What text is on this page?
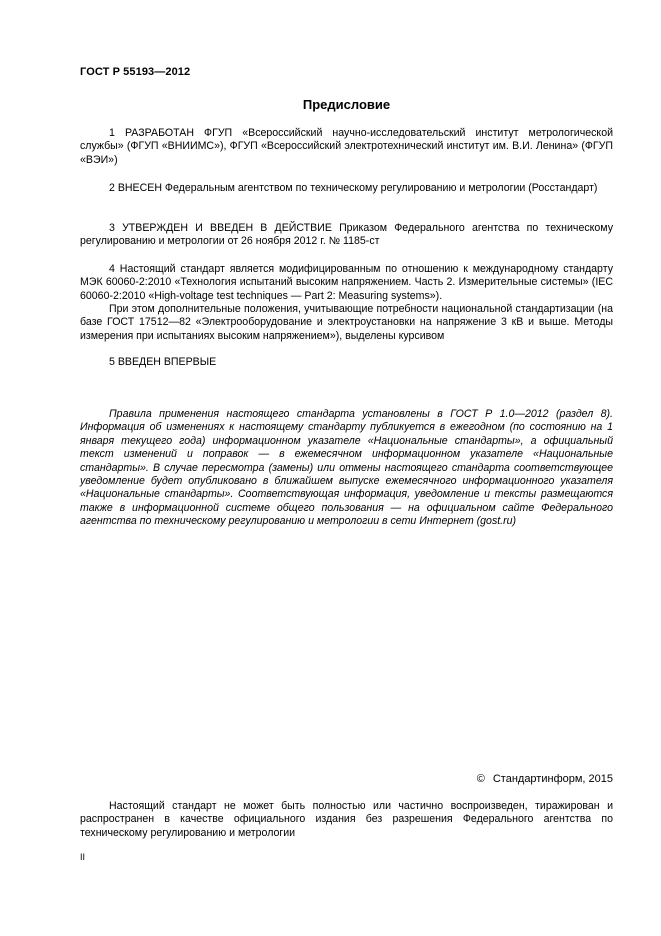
ГОСТ Р 55193—2012
Предисловие

1 РАЗРАБОТАН ФГУП «Всероссийский научно-исследовательский институт метрологической службы» (ФГУП «ВНИИМС»), ФГУП «Всероссийский электротехнический институт им. В.И. Ленина» (ФГУП «ВЭИ»)

2 ВНЕСЕН Федеральным агентством по техническому регулированию и метрологии (Росстандарт)

3 УТВЕРЖДЕН И ВВЕДЕН В ДЕЙСТВИЕ Приказом Федерального агентства по техническому регулированию и метрологии от 26 ноября 2012 г. № 1185-ст

4 Настоящий стандарт является модифицированным по отношению к международному стандарту МЭК 60060-2:2010 «Технология испытаний высоким напряжением. Часть 2. Измерительные системы» (IEC 60060-2:2010 «High-voltage test techniques — Part 2: Measuring systems»).

При этом дополнительные положения, учитывающие потребности национальной стандартизации (на базе ГОСТ 17512—82 «Электрооборудование и электроустановки на напряжение 3 кВ и выше. Методы измерения при испытаниях высоким напряжением»), выделены курсивом

5 ВВЕДЕН ВПЕРВЫЕ

Правила применения настоящего стандарта установлены в ГОСТ Р 1.0—2012 (раздел 8). Информация об изменениях к настоящему стандарту публикуется в ежегодном (по состоянию на 1 января текущего года) информационном указателе «Национальные стандарты», а официальный текст изменений и поправок — в ежемесячном информационном указателе «Национальные стандарты». В случае пересмотра (замены) или отмены настоящего стандарта соответствующее уведомление будет опубликовано в ближайшем выпуске ежемесячного информационного указателя «Национальные стандарты». Соответствующая информация, уведомление и тексты размещаются также в информационной системе общего пользования — на официальном сайте Федерального агентства по техническому регулированию и метрологии в сети Интернет (gost.ru)

© Стандартинформ, 2015

Настоящий стандарт не может быть полностью или частично воспроизведен, тиражирован и распространен в качестве официального издания без разрешения Федерального агентства по техническому регулированию и метрологии

II
